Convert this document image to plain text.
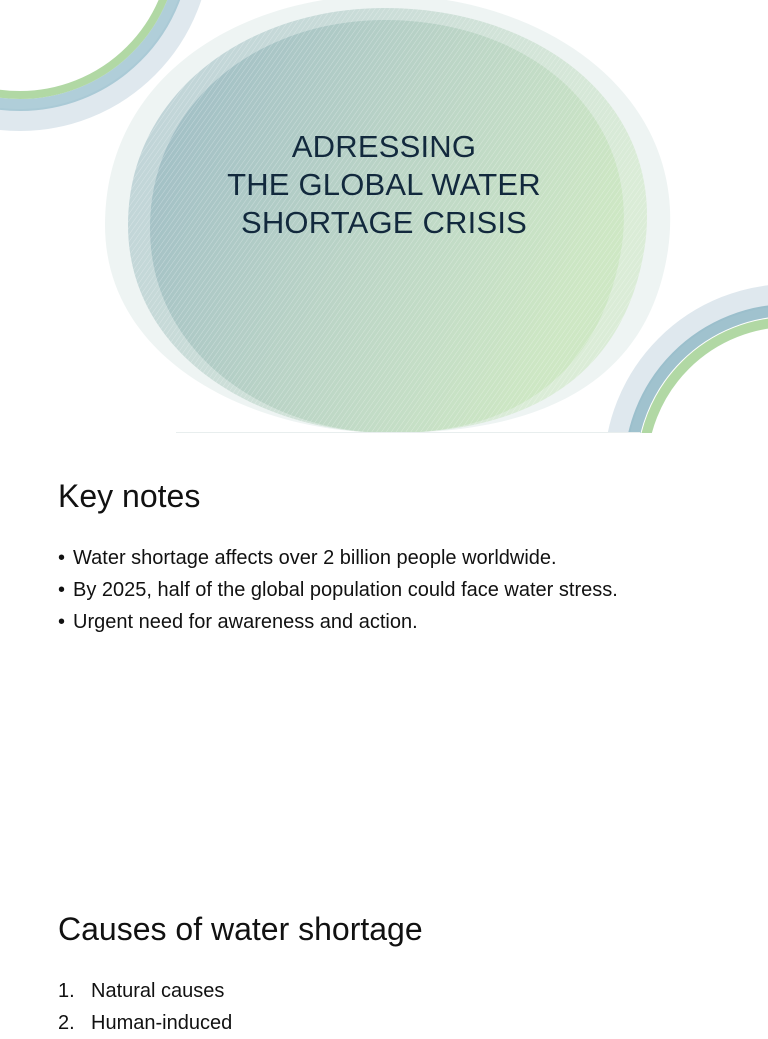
ADRESSING
THE GLOBAL WATER
SHORTAGE CRISIS
Key notes
• Water shortage affects over 2 billion people worldwide.
• By 2025, half of the global population could face water stress.
• Urgent need for awareness and action.
Causes of water shortage
1. Natural causes
2. Human-induced
